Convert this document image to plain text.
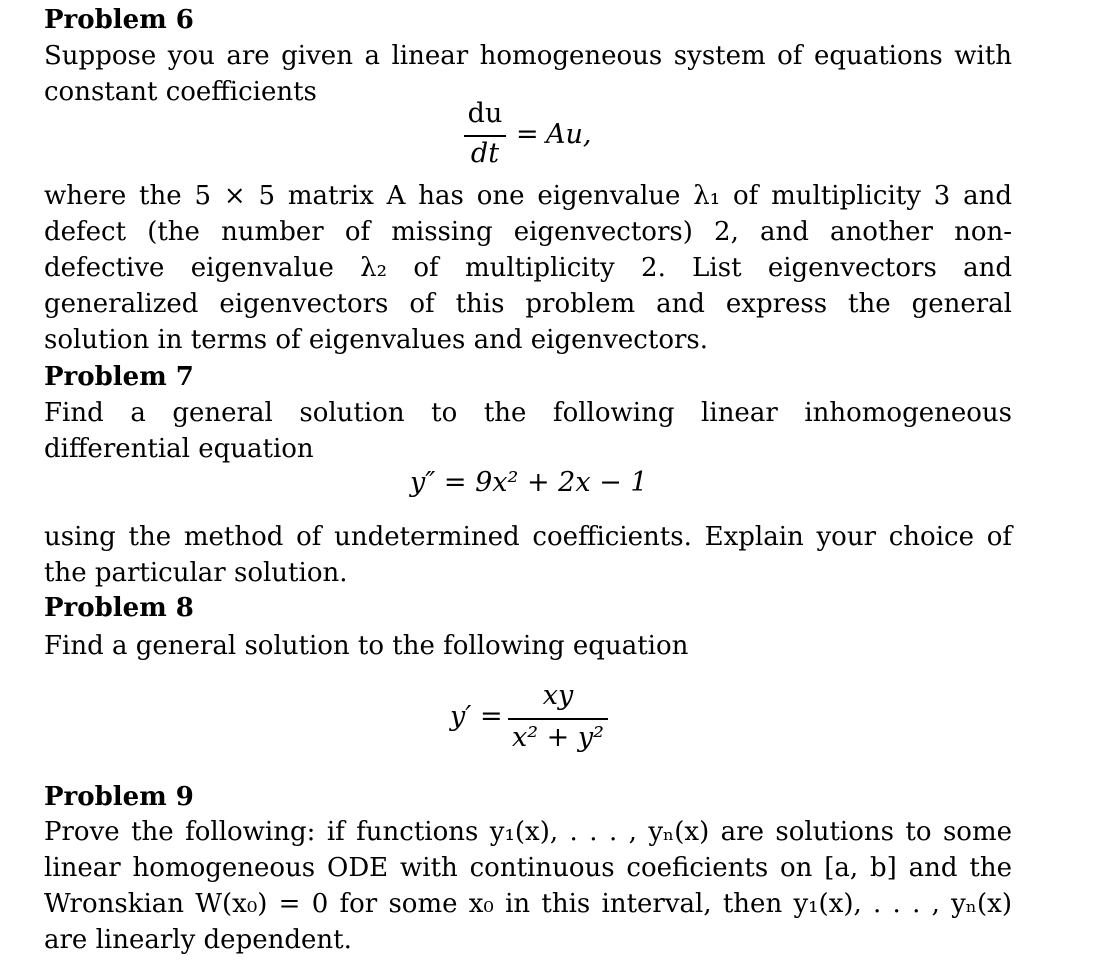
Problem 6
Suppose you are given a linear homogeneous system of equations with constant coefficients
du
dt
= Au,
where the 5 × 5 matrix A has one eigenvalue λ₁ of multiplicity 3 and defect (the number of missing eigenvectors) 2, and another non-defective eigenvalue λ₂ of multiplicity 2. List eigenvectors and generalized eigenvectors of this problem and express the general solution in terms of eigenvalues and eigenvectors.
Problem 7
Find a general solution to the following linear inhomogeneous differential equation
y″ = 9x² + 2x − 1
using the method of undetermined coefficients. Explain your choice of the particular solution.
Problem 8
Find a general solution to the following equation
y′ =
xy
x² + y²
Problem 9
Prove the following: if functions y₁(x), . . . , yₙ(x) are solutions to some linear homogeneous ODE with continuous coeficients on [a, b] and the Wronskian W(x₀) = 0 for some x₀ in this interval, then y₁(x), . . . , yₙ(x) are linearly dependent.
